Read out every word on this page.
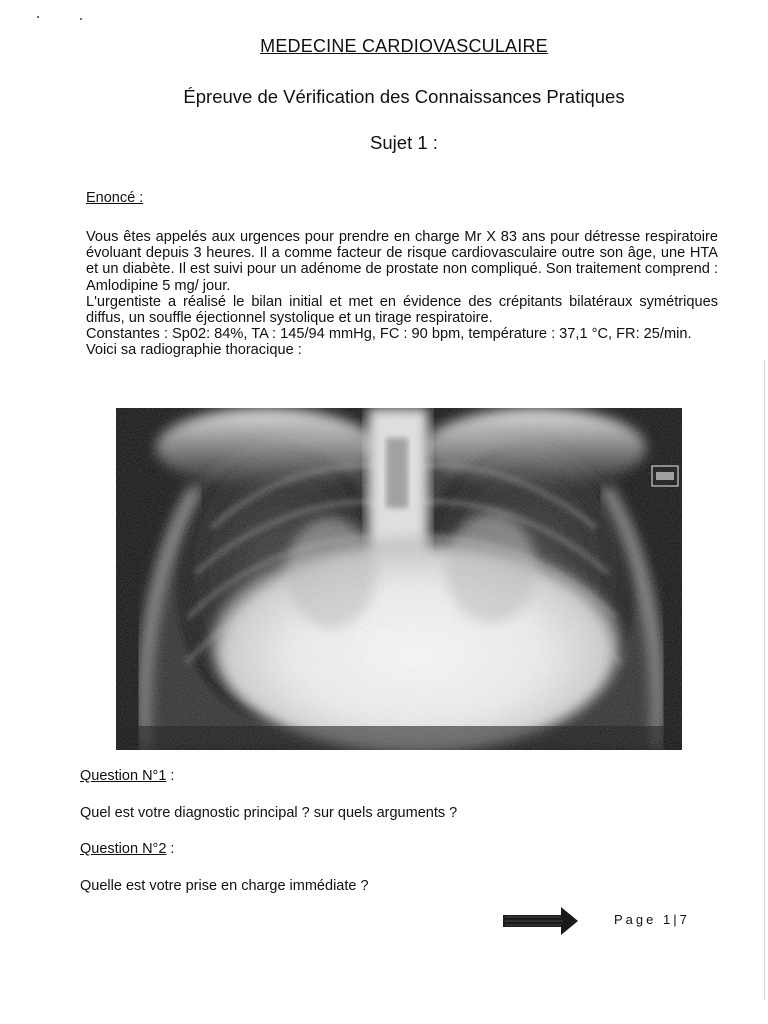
MEDECINE CARDIOVASCULAIRE
Épreuve de Vérification des Connaissances Pratiques
Sujet 1 :
Enoncé :

Vous êtes appelés aux urgences pour prendre en charge Mr X 83 ans pour détresse respiratoire évoluant depuis 3 heures. Il a comme facteur de risque cardiovasculaire outre son âge, une HTA et un diabète. Il est suivi pour un adénome de prostate non compliqué. Son traitement comprend : Amlodipine 5 mg/ jour.

L'urgentiste a réalisé le bilan initial et met en évidence des crépitants bilatéraux symétriques diffus, un souffle éjectionnel systolique et un tirage respiratoire.

Constantes : Sp02: 84%, TA : 145/94 mmHg, FC : 90 bpm, température : 37,1 °C, FR: 25/min.

Voici sa radiographie thoracique :

Question N°1 :
Quel est votre diagnostic principal ? sur quels arguments ?
Question N°2 :
Quelle est votre prise en charge immédiate ?
Page 1|7
